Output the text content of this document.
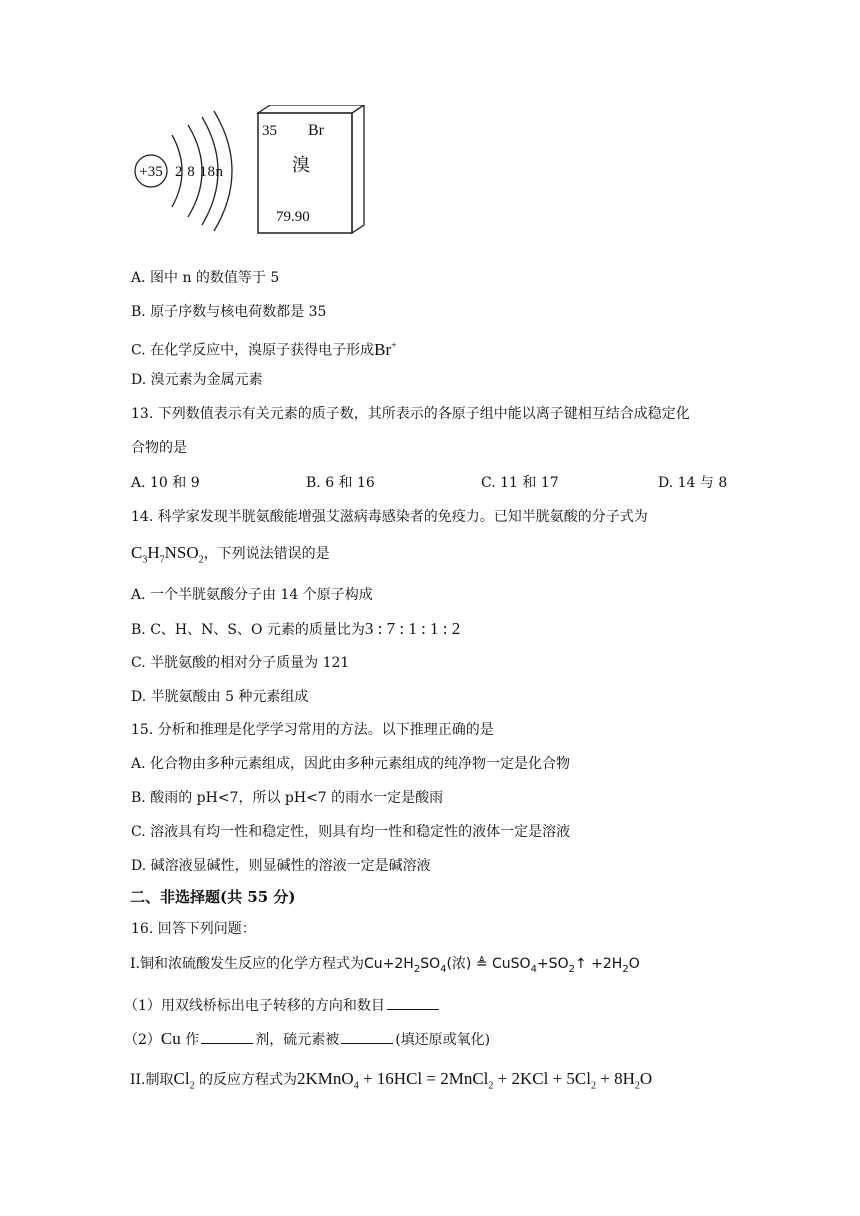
+35 2 8 18n
35 Br
溴
79.90
A. 图中 n 的数值等于 5
B. 原子序数与核电荷数都是 35
C. 在化学反应中，溴原子获得电子形成Br+
D. 溴元素为金属元素
13. 下列数值表示有关元素的质子数，其所表示的各原子组中能以离子键相互结合成稳定化
合物的是
A. 10 和 9	B. 6 和 16	C. 11 和 17	D. 14 与 8
14. 科学家发现半胱氨酸能增强艾滋病毒感染者的免疫力。已知半胱氨酸的分子式为
$C_3H_7NSO_2$，下列说法错误的是
A. 一个半胱氨酸分子由 14 个原子构成
B. C、H、N、S、O 元素的质量比为3 : 7 : 1 : 1 : 2
C. 半胱氨酸的相对分子质量为 121
D. 半胱氨酸由 5 种元素组成
15. 分析和推理是化学学习常用的方法。以下推理正确的是
A. 化合物由多种元素组成，因此由多种元素组成的纯净物一定是化合物
B. 酸雨的 pH<7，所以 pH<7 的雨水一定是酸雨
C. 溶液具有均一性和稳定性，则具有均一性和稳定性的液体一定是溶液
D. 碱溶液显碱性，则显碱性的溶液一定是碱溶液
二、非选择题(共 55 分)
16. 回答下列问题：
I.铜和浓硫酸发生反应的化学方程式为$Cu+2H_2SO_4$(浓) ≜ $CuSO_4+SO_2↑ +2H_2O$
（1）用双线桥标出电子转移的方向和数目
（2）Cu 作	剂，硫元素被	(填还原或氧化)
II.制取$Cl_2$ 的反应方程式为2KMnO$_4$ + 16HCl = 2MnCl$_2$ + $2KCl + 5Cl_2 + 8H_2O$
